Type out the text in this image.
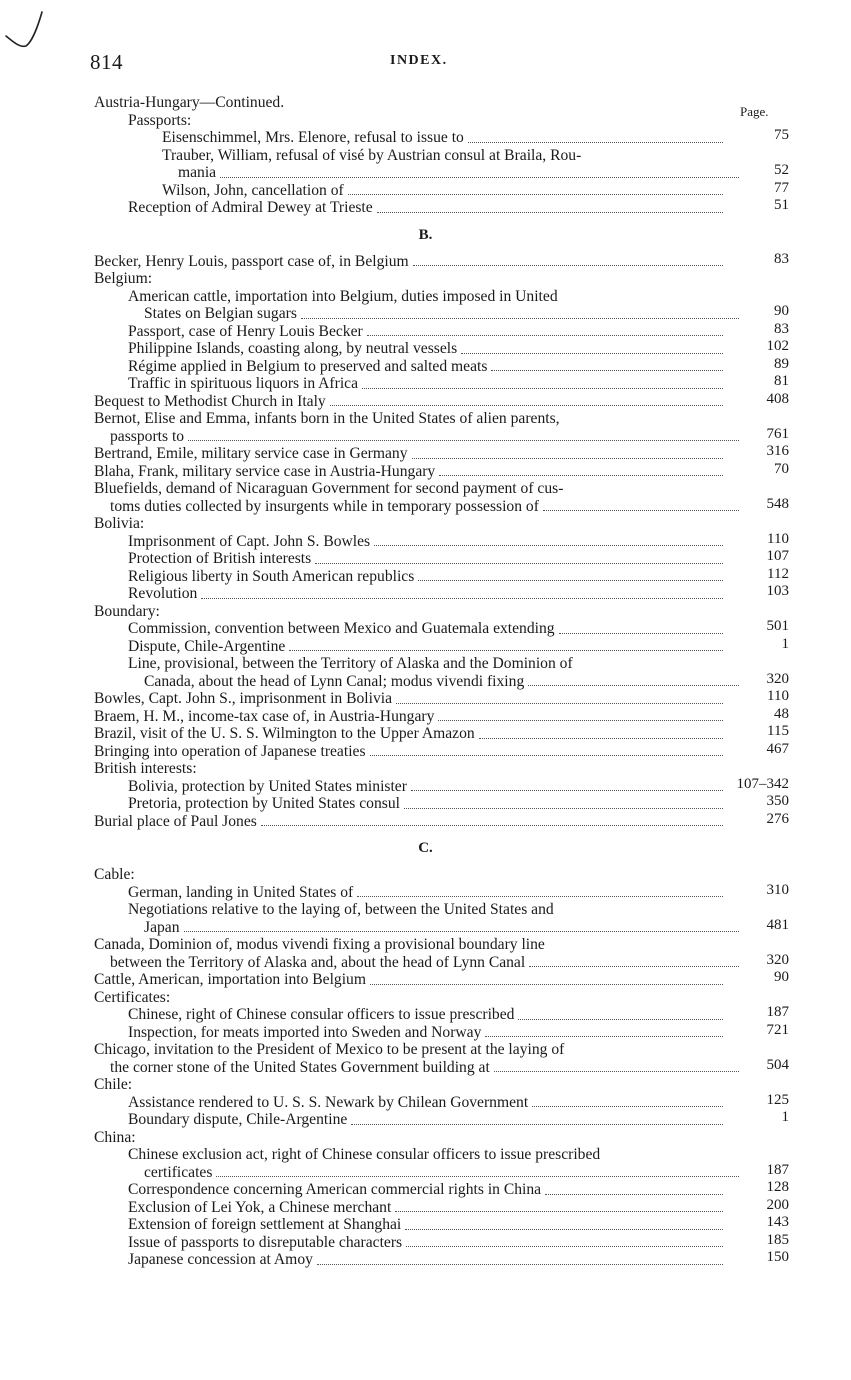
814	INDEX.
Page.
Austria-Hungary—Continued.
Passports:
Eisenschimmel, Mrs. Elenore, refusal to issue to	75
Trauber, William, refusal of visé by Austrian consul at Braila, Rou-
mania	52
Wilson, John, cancellation of	77
Reception of Admiral Dewey at Trieste	51
B.
Becker, Henry Louis, passport case of, in Belgium	83
Belgium:
American cattle, importation into Belgium, duties imposed in United
States on Belgian sugars	90
Passport, case of Henry Louis Becker	83
Philippine Islands, coasting along, by neutral vessels	102
Régime applied in Belgium to preserved and salted meats	89
Traffic in spirituous liquors in Africa	81
Bequest to Methodist Church in Italy	408
Bernot, Elise and Emma, infants born in the United States of alien parents,
passports to	761
Bertrand, Emile, military service case in Germany	316
Blaha, Frank, military service case in Austria-Hungary	70
Bluefields, demand of Nicaraguan Government for second payment of cus-
toms duties collected by insurgents while in temporary possession of	548
Bolivia:
Imprisonment of Capt. John S. Bowles	110
Protection of British interests	107
Religious liberty in South American republics	112
Revolution	103
Boundary:
Commission, convention between Mexico and Guatemala extending	501
Dispute, Chile-Argentine	1
Line, provisional, between the Territory of Alaska and the Dominion of
Canada, about the head of Lynn Canal; modus vivendi fixing	320
Bowles, Capt. John S., imprisonment in Bolivia	110
Braem, H. M., income-tax case of, in Austria-Hungary	48
Brazil, visit of the U. S. S. Wilmington to the Upper Amazon	115
Bringing into operation of Japanese treaties	467
British interests:
Bolivia, protection by United States minister	107–342
Pretoria, protection by United States consul	350
Burial place of Paul Jones	276
C.
Cable:
German, landing in United States of	310
Negotiations relative to the laying of, between the United States and
Japan	481
Canada, Dominion of, modus vivendi fixing a provisional boundary line
between the Territory of Alaska and, about the head of Lynn Canal	320
Cattle, American, importation into Belgium	90
Certificates:
Chinese, right of Chinese consular officers to issue prescribed	187
Inspection, for meats imported into Sweden and Norway	721
Chicago, invitation to the President of Mexico to be present at the laying of
the corner stone of the United States Government building at	504
Chile:
Assistance rendered to U. S. S. Newark by Chilean Government	125
Boundary dispute, Chile-Argentine	1
China:
Chinese exclusion act, right of Chinese consular officers to issue prescribed
certificates	187
Correspondence concerning American commercial rights in China	128
Exclusion of Lei Yok, a Chinese merchant	200
Extension of foreign settlement at Shanghai	143
Issue of passports to disreputable characters	185
Japanese concession at Amoy	150
